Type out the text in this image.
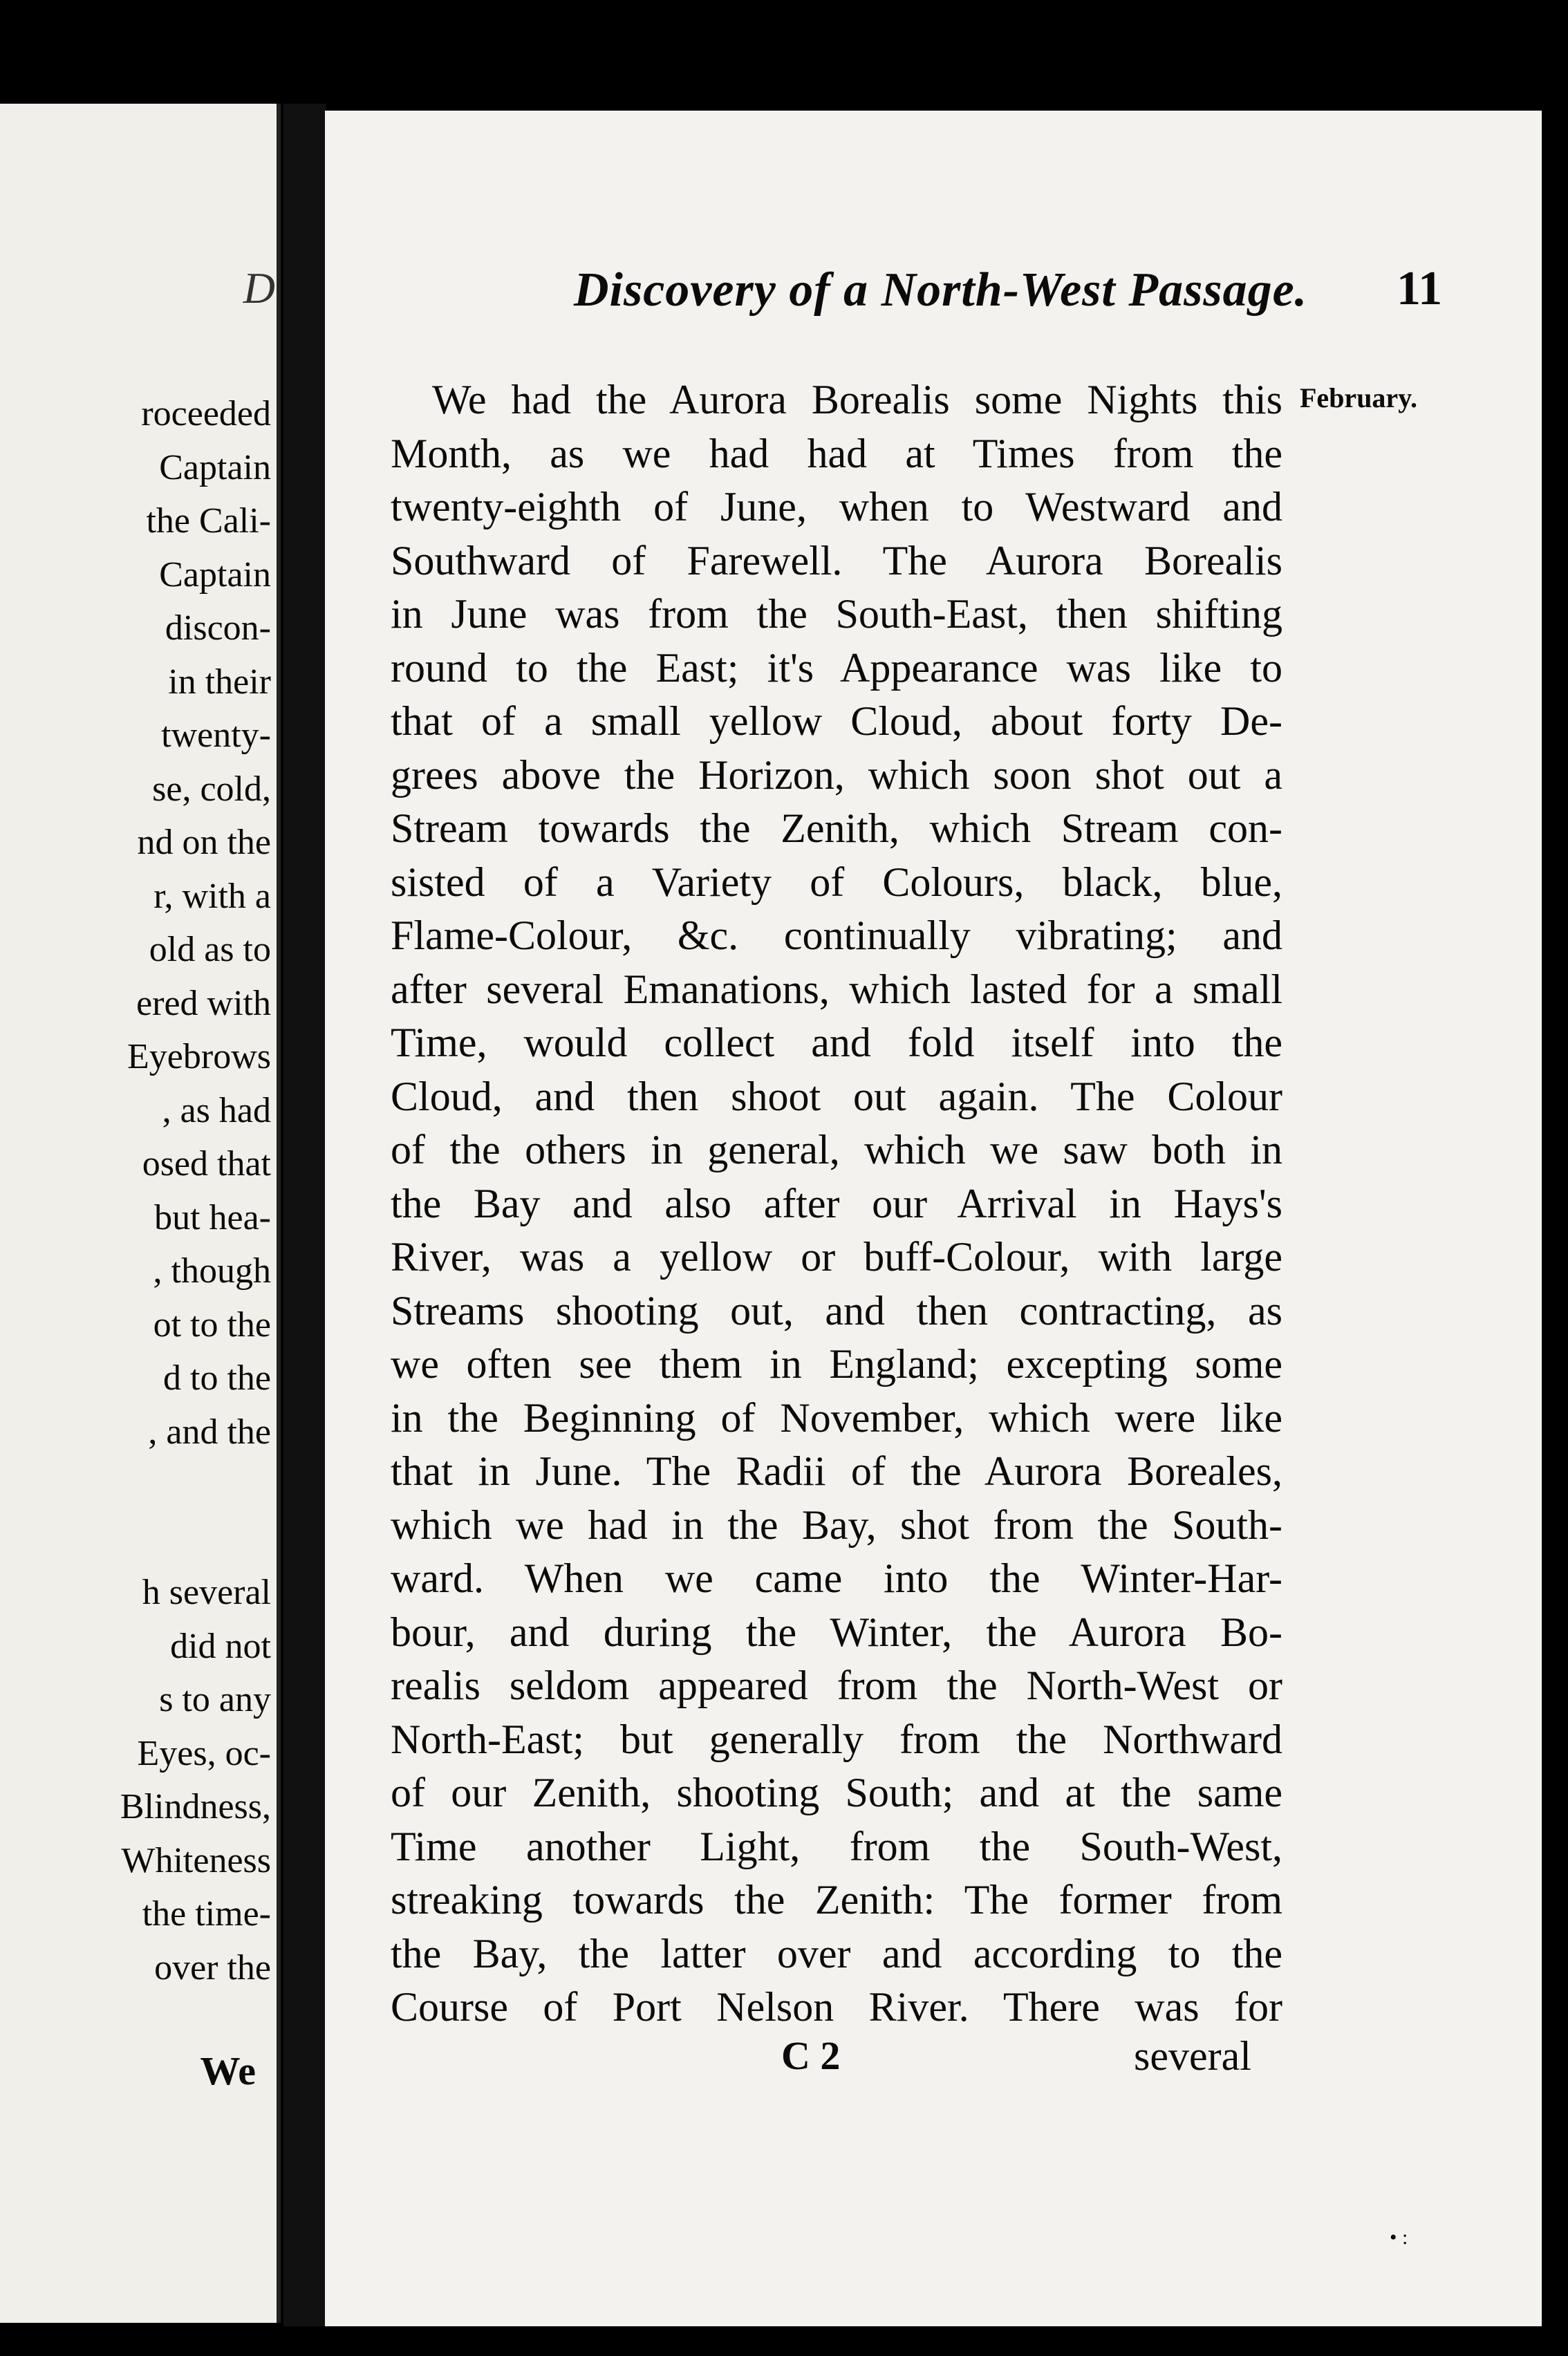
D
roceeded
Captain
the Cali-
Captain
discon-
in their
twenty-
se, cold,
nd on the
r, with a
old as to
ered with
Eyebrows
, as had
osed that
but hea-
, though
ot to the
d to the
, and the
h several
did not
s to any
Eyes, oc-
Blindness,
Whiteness
the time-
over the
We
Discovery of a North-West Passage. 11
February.
We had the Aurora Borealis some Nights this
Month, as we had had at Times from the
twenty-eighth of June, when to Westward and
Southward of Farewell. The Aurora Borealis
in June was from the South-East, then shifting
round to the East; it's Appearance was like to
that of a small yellow Cloud, about forty De-
grees above the Horizon, which soon shot out a
Stream towards the Zenith, which Stream con-
sisted of a Variety of Colours, black, blue,
Flame-Colour, &c. continually vibrating; and
after several Emanations, which lasted for a small
Time, would collect and fold itself into the
Cloud, and then shoot out again. The Colour
of the others in general, which we saw both in
the Bay and also after our Arrival in Hays's
River, was a yellow or buff-Colour, with large
Streams shooting out, and then contracting, as
we often see them in England; excepting some
in the Beginning of November, which were like
that in June. The Radii of the Aurora Boreales,
which we had in the Bay, shot from the South-
ward. When we came into the Winter-Har-
bour, and during the Winter, the Aurora Bo-
realis seldom appeared from the North-West or
North-East; but generally from the Northward
of our Zenith, shooting South; and at the same
Time another Light, from the South-West,
streaking towards the Zenith: The former from
the Bay, the latter over and according to the
Course of Port Nelson River. There was for
C 2	several
• :
